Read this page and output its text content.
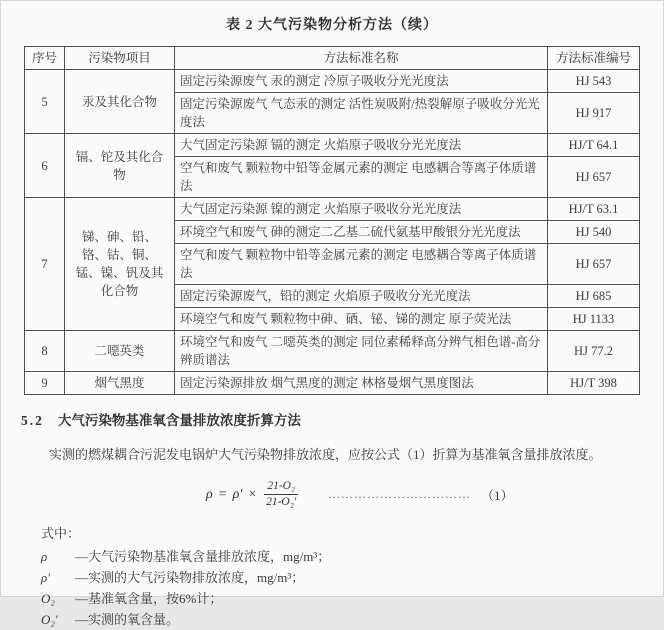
表 2 大气污染物分析方法（续）
序号	污染物项目	方法标准名称	方法标准编号
5	汞及其化合物	固定污染源废气 汞的测定 冷原子吸收分光光度法	HJ 543
		固定污染源废气 气态汞的测定 活性炭吸附/热裂解原子吸收分光光度法	HJ 917
6	镉、铊及其化合物	大气固定污染源 镉的测定 火焰原子吸收分光光度法	HJ/T 64.1
		空气和废气 颗粒物中铅等金属元素的测定 电感耦合等离子体质谱法	HJ 657
7	锑、砷、铅、铬、钴、铜、锰、镍、钒及其化合物	大气固定污染源 镍的测定 火焰原子吸收分光光度法	HJ/T 63.1
		环境空气和废气 砷的测定二乙基二硫代氨基甲酸银分光光度法	HJ 540
		空气和废气 颗粒物中铅等金属元素的测定 电感耦合等离子体质谱法	HJ 657
		固定污染源废气，铅的测定 火焰原子吸收分光光度法	HJ 685
		环境空气和废气 颗粒物中砷、硒、铋、锑的测定 原子荧光法	HJ 1133
8	二噁英类	环境空气和废气 二噁英类的测定 同位素稀释高分辨气相色谱-高分辨质谱法	HJ 77.2
9	烟气黑度	固定污染源排放 烟气黑度的测定 林格曼烟气黑度图法	HJ/T 398
5.2 大气污染物基准氧含量排放浓度折算方法

实测的燃煤耦合污泥发电锅炉大气污染物排放浓度，应按公式（1）折算为基准氧含量排放浓度。

$\rho = \rho' \times \frac{\text{21-O₂}}{\text{21-O₂′}}$	…………………………… （1）
式中：
ρ	—大气污染物基准氧含量排放浓度，mg/m³；
ρ′	—实测的大气污染物排放浓度，mg/m³；
O₂	—基准氧含量，按6%计；
O₂′	—实测的氧含量。
